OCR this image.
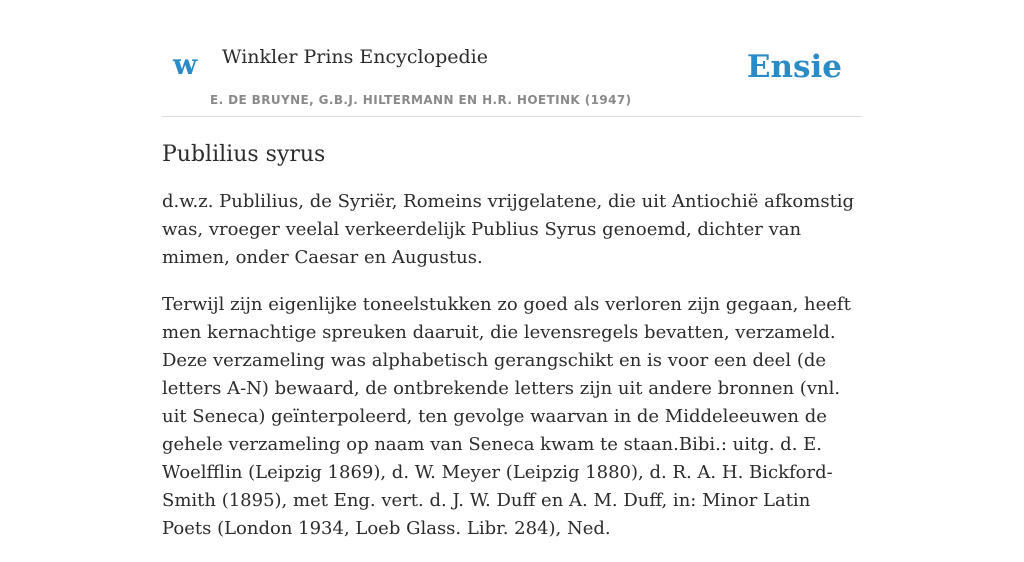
w Winkler Prins Encyclopedie
E. DE BRUYNE, G.B.J. HILTERMANN EN H.R. HOETINK (1947)
Ensie
Publilius syrus

d.w.z. Publilius, de Syriër, Romeins vrijgelatene, die uit Antiochië afkomstig was, vroeger veelal verkeerdelijk Publius Syrus genoemd, dichter van mimen, onder Caesar en Augustus.

Terwijl zijn eigenlijke toneelstukken zo goed als verloren zijn gegaan, heeft men kernachtige spreuken daaruit, die levensregels bevatten, verzameld. Deze verzameling was alphabetisch gerangschikt en is voor een deel (de letters A-N) bewaard, de ontbrekende letters zijn uit andere bronnen (vnl. uit Seneca) geïnterpoleerd, ten gevolge waarvan in de Middeleeuwen de gehele verzameling op naam van Seneca kwam te staan.Bibi.: uitg. d. E. Woelfflin (Leipzig 1869), d. W. Meyer (Leipzig 1880), d. R. A. H. Bickford-Smith (1895), met Eng. vert. d. J. W. Duff en A. M. Duff, in: Minor Latin Poets (London 1934, Loeb Glass. Libr. 284), Ned.
